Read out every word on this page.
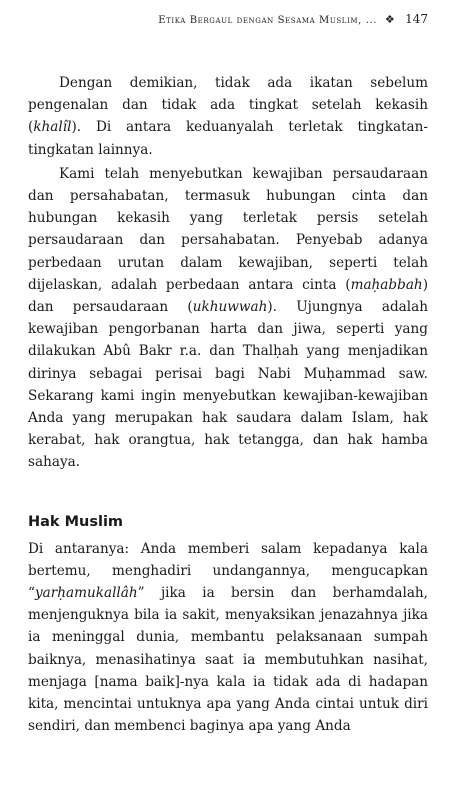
Etika Bergaul dengan Sesama Muslim, ... ❖ 147

Dengan demikian, tidak ada ikatan sebelum pengenalan dan tidak ada tingkat setelah kekasih (khalîl). Di antara keduanyalah terletak tingkatan-tingkatan lainnya.

Kami telah menyebutkan kewajiban persaudaraan dan persahabatan, termasuk hubungan cinta dan hubungan kekasih yang terletak persis setelah persaudaraan dan persahabatan. Penyebab adanya perbedaan urutan dalam kewajiban, seperti telah dijelaskan, adalah perbedaan antara cinta (maḥabbah) dan persaudaraan (ukhuwwah). Ujungnya adalah kewajiban pengorbanan harta dan jiwa, seperti yang dilakukan Abû Bakr r.a. dan Thalḥah yang menjadikan dirinya sebagai perisai bagi Nabi Muḥammad saw. Sekarang kami ingin menyebutkan kewajiban-kewajiban Anda yang merupakan hak saudara dalam Islam, hak kerabat, hak orangtua, hak tetangga, dan hak hamba sahaya.

Hak Muslim

Di antaranya: Anda memberi salam kepadanya kala bertemu, menghadiri undangannya, mengucapkan “yarḥamukallâh” jika ia bersin dan berhamdalah, menjenguknya bila ia sakit, menyaksikan jenazahnya jika ia meninggal dunia, membantu pelaksanaan sumpah baiknya, menasihatinya saat ia membutuhkan nasihat, menjaga [nama baik]-nya kala ia tidak ada di hadapan kita, mencintai untuknya apa yang Anda cintai untuk diri sendiri, dan membenci baginya apa yang Anda
